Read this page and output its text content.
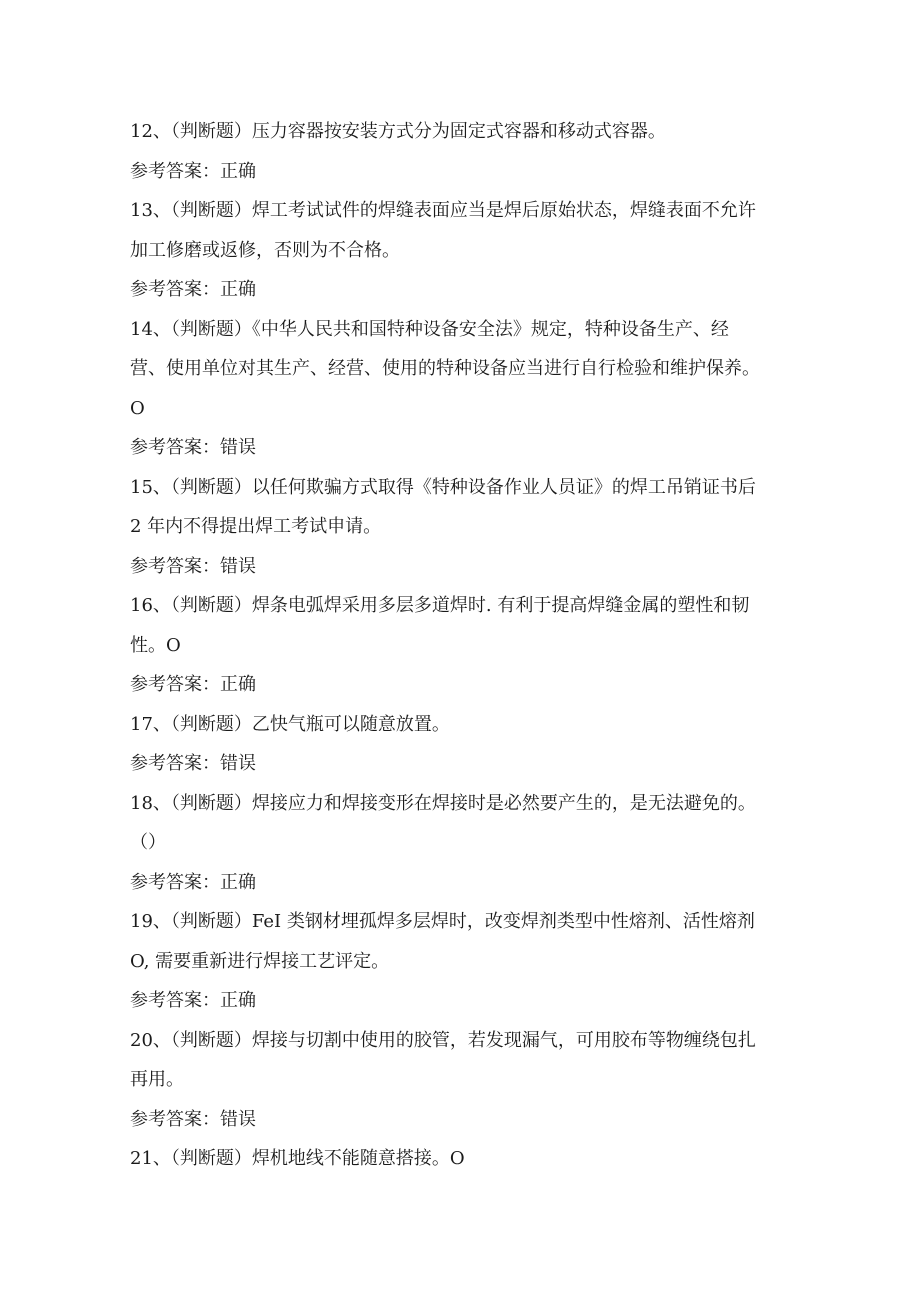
12、（判断题）压力容器按安装方式分为固定式容器和移动式容器。

参考答案：正确

13、（判断题）焊工考试试件的焊缝表面应当是焊后原始状态，焊缝表面不允许

加工修磨或返修，否则为不合格。

参考答案：正确

14、（判断题）《中华人民共和国特种设备安全法》规定，特种设备生产、经

营、使用单位对其生产、经营、使用的特种设备应当进行自行检验和维护保养。

O

参考答案：错误

15、（判断题）以任何欺骗方式取得《特种设备作业人员证》的焊工吊销证书后

2 年内不得提出焊工考试申请。

参考答案：错误

16、（判断题）焊条电弧焊采用多层多道焊时. 有利于提高焊缝金属的塑性和韧

性。O

参考答案：正确

17、（判断题）乙快气瓶可以随意放置。

参考答案：错误

18、（判断题）焊接应力和焊接变形在焊接时是必然要产生的，是无法避免的。

（）

参考答案：正确

19、（判断题）FeI 类钢材埋孤焊多层焊时，改变焊剂类型中性熔剂、活性熔剂

O, 需要重新进行焊接工艺评定。

参考答案：正确

20、（判断题）焊接与切割中使用的胶管，若发现漏气，可用胶布等物缠绕包扎

再用。

参考答案：错误

21、（判断题）焊机地线不能随意搭接。O
